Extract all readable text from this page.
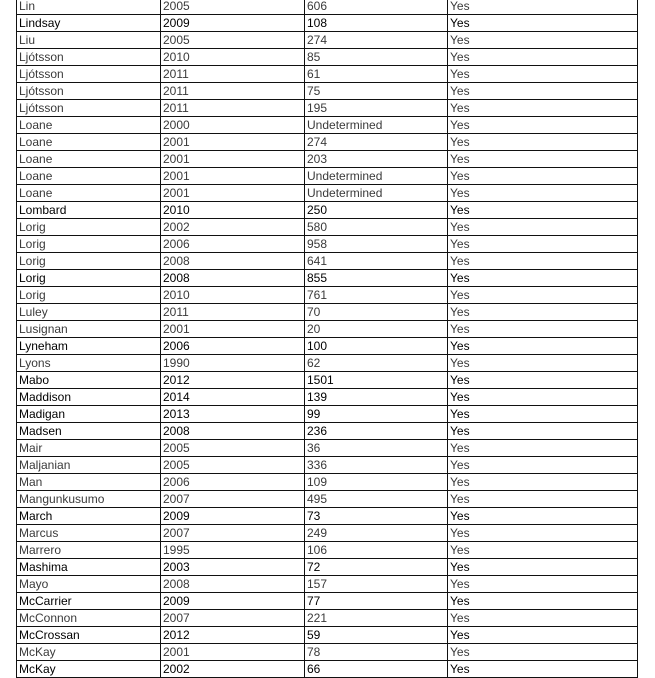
Lin	2005	606	Yes
Lindsay	2009	108	Yes
Liu	2005	274	Yes
Ljótsson	2010	85	Yes
Ljótsson	2011	61	Yes
Ljótsson	2011	75	Yes
Ljótsson	2011	195	Yes
Loane	2000	Undetermined	Yes
Loane	2001	274	Yes
Loane	2001	203	Yes
Loane	2001	Undetermined	Yes
Loane	2001	Undetermined	Yes
Lombard	2010	250	Yes
Lorig	2002	580	Yes
Lorig	2006	958	Yes
Lorig	2008	641	Yes
Lorig	2008	855	Yes
Lorig	2010	761	Yes
Luley	2011	70	Yes
Lusignan	2001	20	Yes
Lyneham	2006	100	Yes
Lyons	1990	62	Yes
Mabo	2012	1501	Yes
Maddison	2014	139	Yes
Madigan	2013	99	Yes
Madsen	2008	236	Yes
Mair	2005	36	Yes
Maljanian	2005	336	Yes
Man	2006	109	Yes
Mangunkusumo	2007	495	Yes
March	2009	73	Yes
Marcus	2007	249	Yes
Marrero	1995	106	Yes
Mashima	2003	72	Yes
Mayo	2008	157	Yes
McCarrier	2009	77	Yes
McConnon	2007	221	Yes
McCrossan	2012	59	Yes
McKay	2001	78	Yes
McKay	2002	66	Yes
